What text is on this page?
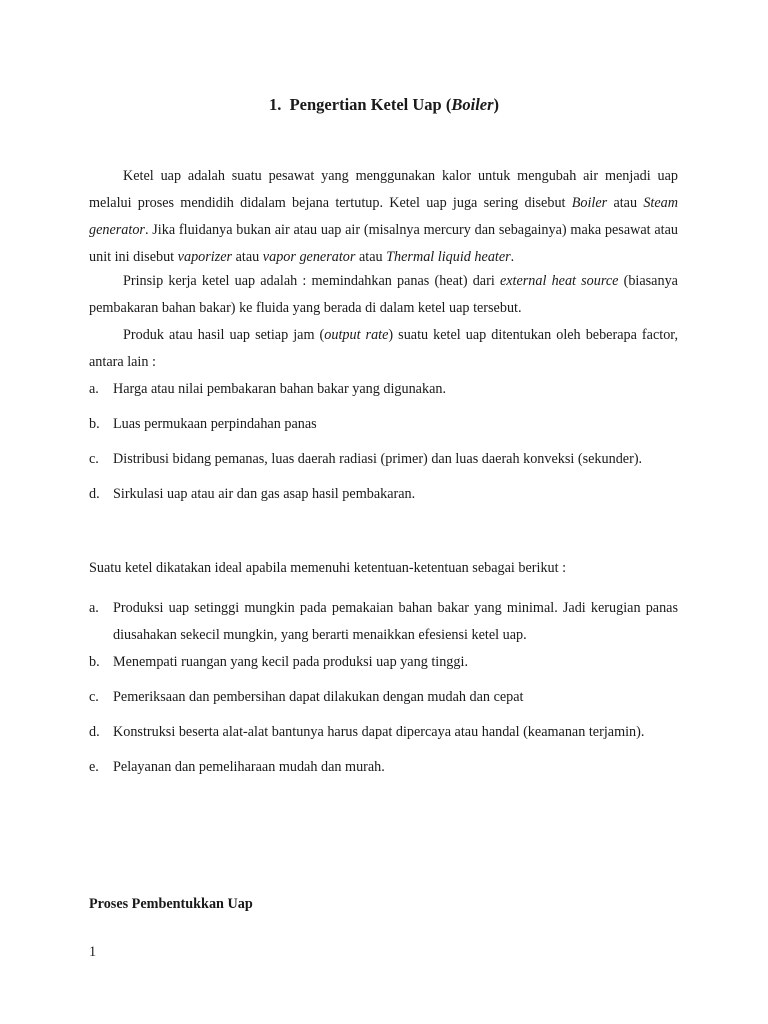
1. Pengertian Ketel Uap (Boiler)

Ketel uap adalah suatu pesawat yang menggunakan kalor untuk mengubah air menjadi uap melalui proses mendidih didalam bejana tertutup. Ketel uap juga sering disebut Boiler atau Steam generator. Jika fluidanya bukan air atau uap air (misalnya mercury dan sebagainya) maka pesawat atau unit ini disebut vaporizer atau vapor generator atau Thermal liquid heater.

Prinsip kerja ketel uap adalah : memindahkan panas (heat) dari external heat source (biasanya pembakaran bahan bakar) ke fluida yang berada di dalam ketel uap tersebut.

Produk atau hasil uap setiap jam (output rate) suatu ketel uap ditentukan oleh beberapa factor, antara lain :

a. Harga atau nilai pembakaran bahan bakar yang digunakan.
b. Luas permukaan perpindahan panas
c. Distribusi bidang pemanas, luas daerah radiasi (primer) dan luas daerah konveksi (sekunder).
d. Sirkulasi uap atau air dan gas asap hasil pembakaran.

Suatu ketel dikatakan ideal apabila memenuhi ketentuan-ketentuan sebagai berikut :

a. Produksi uap setinggi mungkin pada pemakaian bahan bakar yang minimal. Jadi kerugian panas diusahakan sekecil mungkin, yang berarti menaikkan efesiensi ketel uap.
b. Menempati ruangan yang kecil pada produksi uap yang tinggi.
c. Pemeriksaan dan pembersihan dapat dilakukan dengan mudah dan cepat
d. Konstruksi beserta alat-alat bantunya harus dapat dipercaya atau handal (keamanan terjamin).
e. Pelayanan dan pemeliharaan mudah dan murah.
Proses Pembentukkan Uap
1
